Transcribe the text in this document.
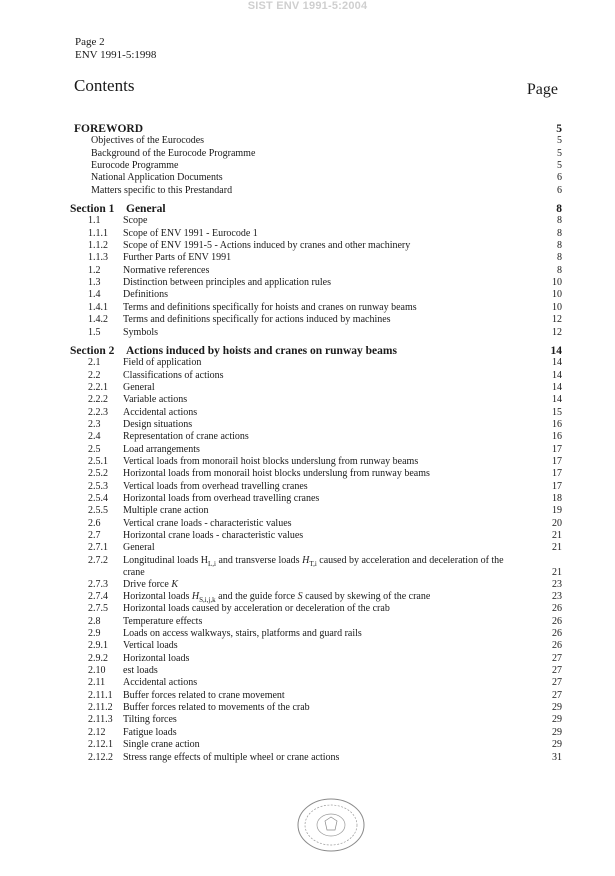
SIST ENV 1991-5:2004
Page 2
ENV 1991-5:1998
Contents	Page
FOREWORD	5
Objectives of the Eurocodes	5
Background of the Eurocode Programme	5
Eurocode Programme	5
National Application Documents	6
Matters specific to this Prestandard	6
Section 1 General	8
1.1 Scope	8
1.1.1 Scope of ENV 1991 - Eurocode 1	8
1.1.2 Scope of ENV 1991-5 - Actions induced by cranes and other machinery	8
1.1.3 Further Parts of ENV 1991	8
1.2 Normative references	8
1.3 Distinction between principles and application rules	10
1.4 Definitions	10
1.4.1 Terms and definitions specifically for hoists and cranes on runway beams	10
1.4.2 Terms and definitions specifically for actions induced by machines	12
1.5 Symbols	12
Section 2 Actions induced by hoists and cranes on runway beams	14
2.1 Field of application	14
2.2 Classifications of actions	14
2.2.1 General	14
2.2.2 Variable actions	14
2.2.3 Accidental actions	15
2.3 Design situations	16
2.4 Representation of crane actions	16
2.5 Load arrangements	17
2.5.1 Vertical loads from monorail hoist blocks underslung from runway beams	17
2.5.2 Horizontal loads from monorail hoist blocks underslung from runway beams	17
2.5.3 Vertical loads from overhead travelling cranes	17
2.5.4 Horizontal loads from overhead travelling cranes	18
2.5.5 Multiple crane action	19
2.6 Vertical crane loads - characteristic values	20
2.7 Horizontal crane loads - characteristic values	21
2.7.1 General	21
2.7.2 Longitudinal loads $H_{L,i}$ and transverse loads $H_{T,i}$ caused by acceleration and deceleration of the crane	21
2.7.3 Drive force K	23
2.7.4 Horizontal loads $H_{S,i,j,k}$ and the guide force S caused by skewing of the crane	23
2.7.5 Horizontal loads caused by acceleration or deceleration of the crab	26
2.8 Temperature effects	26
2.9 Loads on access walkways, stairs, platforms and guard rails	26
2.9.1 Vertical loads	26
2.9.2 Horizontal loads	27
2.10 est loads	27
2.11 Accidental actions	27
2.11.1 Buffer forces related to crane movement	27
2.11.2 Buffer forces related to movements of the crab	29
2.11.3 Tilting forces	29
2.12 Fatigue loads	29
2.12.1 Single crane action	29
2.12.2 Stress range effects of multiple wheel or crane actions	31
